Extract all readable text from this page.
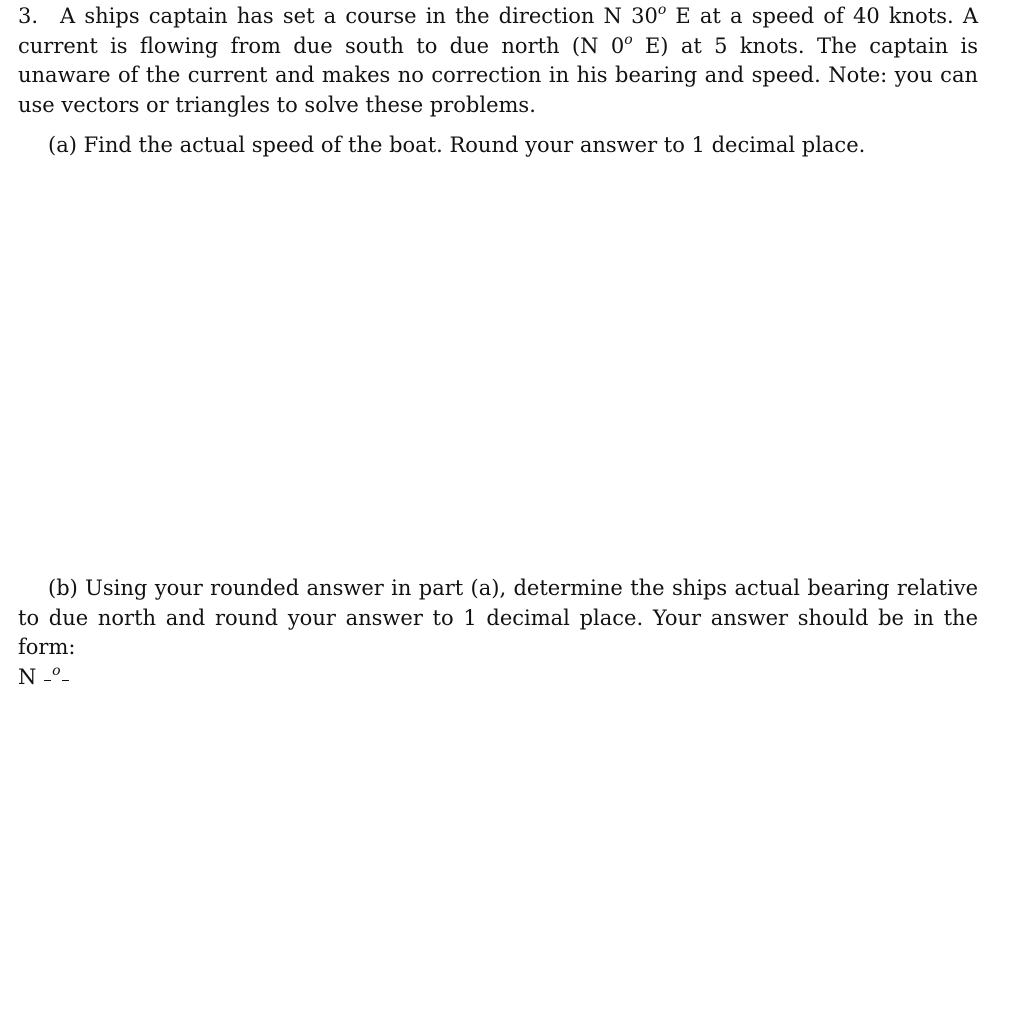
3. A ships captain has set a course in the direction N 30$^o$ E at a speed of 40 knots. A current is flowing from due south to due north (N 0$^o$ E) at 5 knots. The captain is unaware of the current and makes no correction in his bearing and speed. Note: you can use vectors or triangles to solve these problems.
(a) Find the actual speed of the boat. Round your answer to 1 decimal place.
(b) Using your rounded answer in part (a), determine the ships actual bearing relative to due north and round your answer to 1 decimal place. Your answer should be in the form:
N $^o$
